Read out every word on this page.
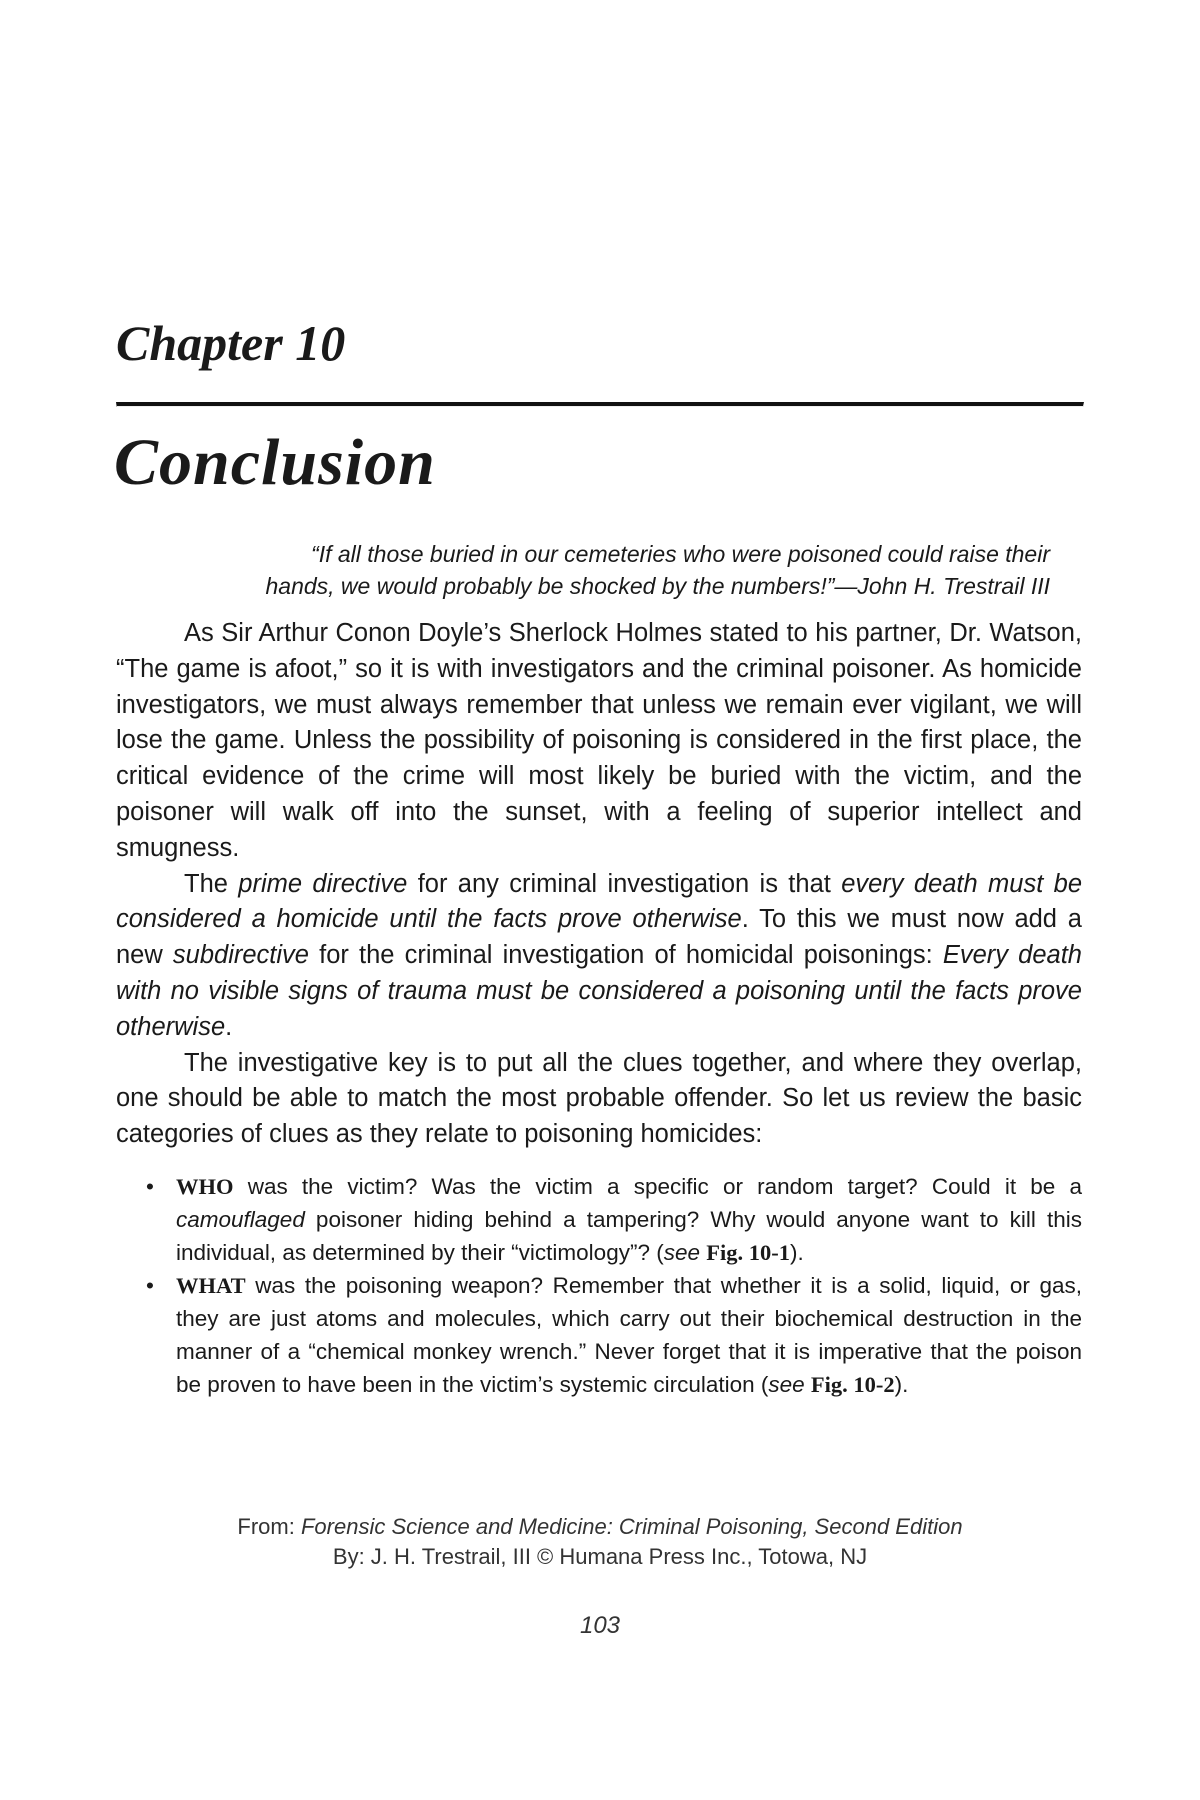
Chapter 10
Conclusion
“If all those buried in our cemeteries who were poisoned could raise their
hands, we would probably be shocked by the numbers!”—John H. Trestrail III

As Sir Arthur Conon Doyle’s Sherlock Holmes stated to his partner, Dr. Watson, “The game is afoot,” so it is with investigators and the criminal poisoner. As homicide investigators, we must always remember that unless we remain ever vigilant, we will lose the game. Unless the possibility of poisoning is considered in the first place, the critical evidence of the crime will most likely be buried with the victim, and the poisoner will walk off into the sunset, with a feeling of superior intellect and smugness.

The prime directive for any criminal investigation is that every death must be considered a homicide until the facts prove otherwise. To this we must now add a new subdirective for the criminal investigation of homicidal poisonings: Every death with no visible signs of trauma must be considered a poisoning until the facts prove otherwise.

The investigative key is to put all the clues together, and where they overlap, one should be able to match the most probable offender. So let us review the basic categories of clues as they relate to poisoning homicides:

• WHO was the victim? Was the victim a specific or random target? Could it be a camouflaged poisoner hiding behind a tampering? Why would anyone want to kill this individual, as determined by their “victimology”? (see Fig. 10-1).
• WHAT was the poisoning weapon? Remember that whether it is a solid, liquid, or gas, they are just atoms and molecules, which carry out their biochemical destruction in the manner of a “chemical monkey wrench.” Never forget that it is imperative that the poison be proven to have been in the victim’s systemic circulation (see Fig. 10-2).
From: Forensic Science and Medicine: Criminal Poisoning, Second Edition
By: J. H. Trestrail, III © Humana Press Inc., Totowa, NJ
103
